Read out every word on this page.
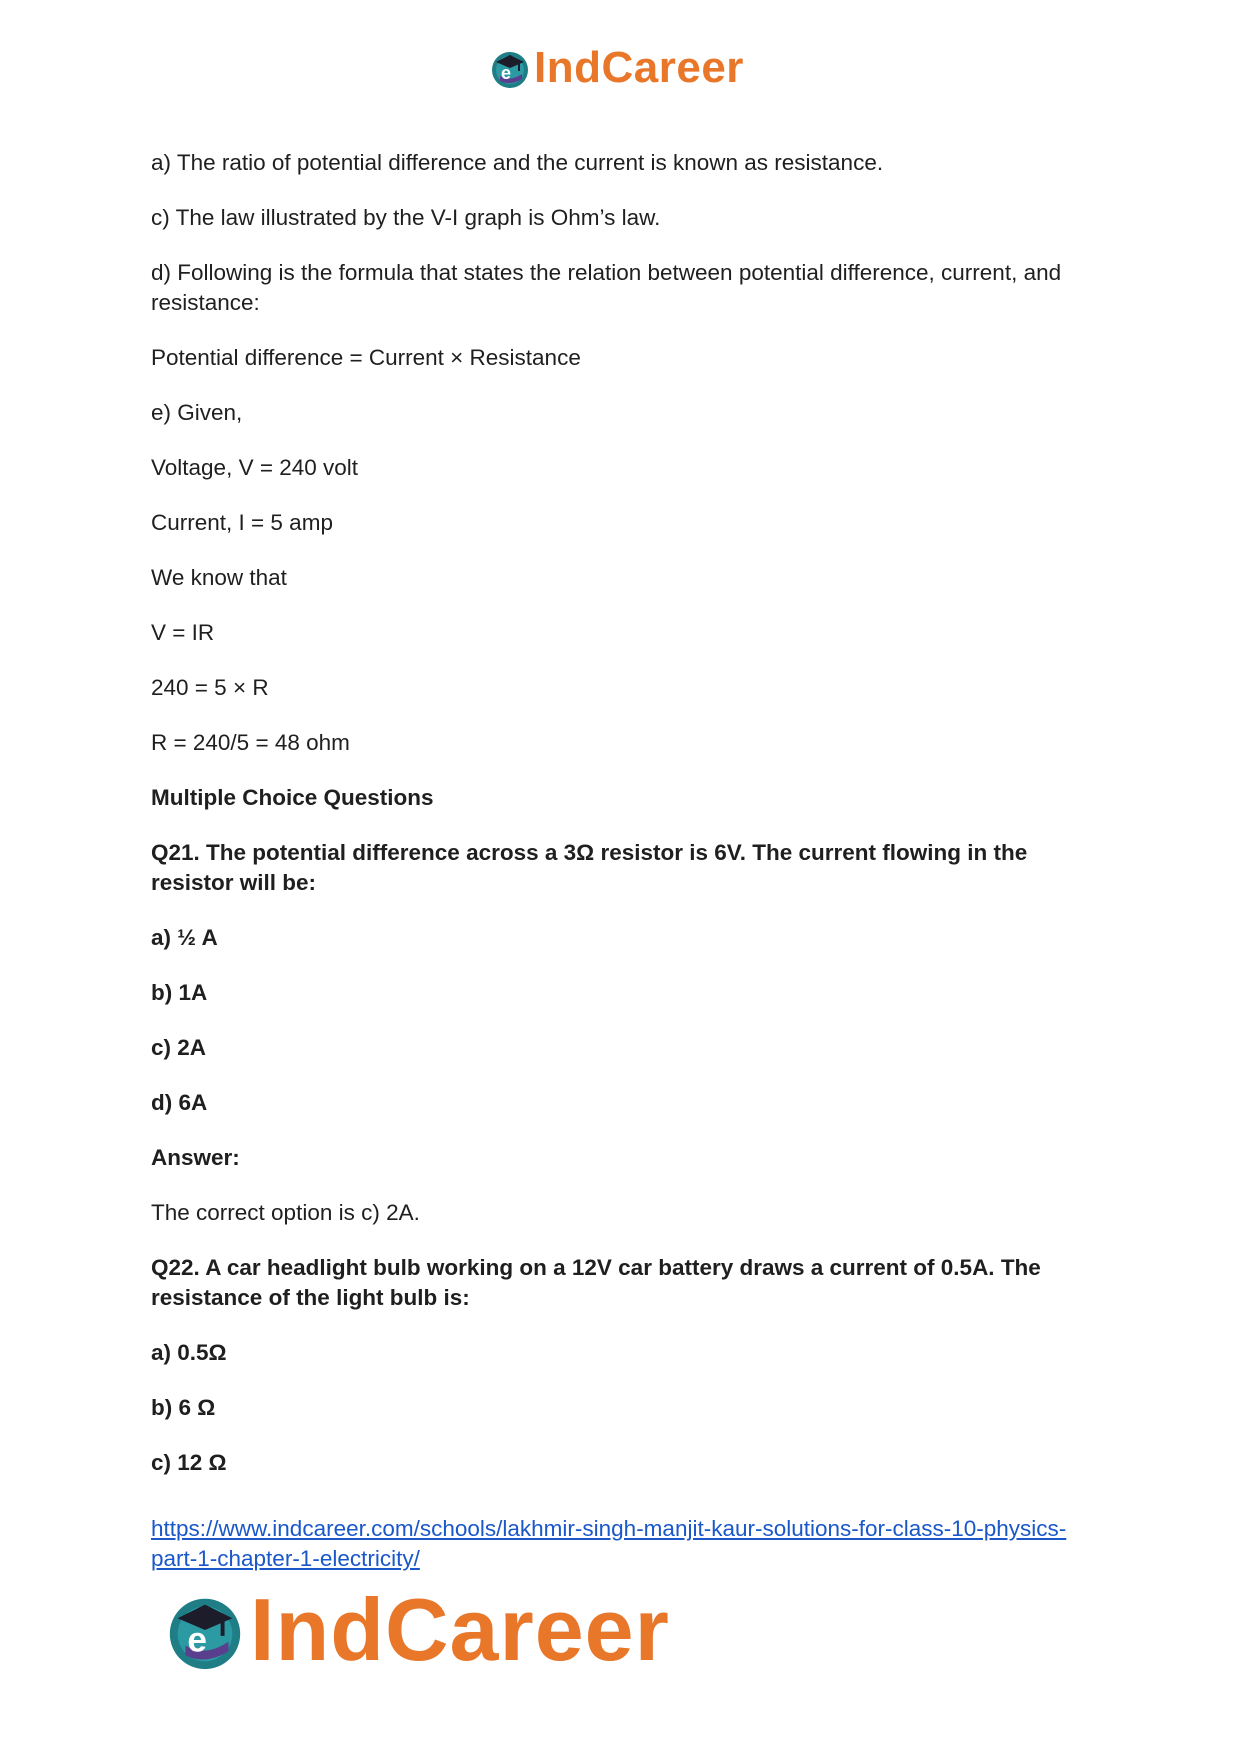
e IndCareer

a) The ratio of potential difference and the current is known as resistance.

c) The law illustrated by the V-I graph is Ohm’s law.

d) Following is the formula that states the relation between potential difference, current, and resistance:

Potential difference = Current × Resistance

e) Given,

Voltage, V = 240 volt

Current, I = 5 amp

We know that

V = IR

240 = 5 × R

R = 240/5 = 48 ohm

Multiple Choice Questions

Q21. The potential difference across a 3Ω resistor is 6V. The current flowing in the resistor will be:

a) ½ A

b) 1A

c) 2A

d) 6A

Answer:

The correct option is c) 2A.

Q22. A car headlight bulb working on a 12V car battery draws a current of 0.5A. The resistance of the light bulb is:

a) 0.5Ω

b) 6 Ω

c) 12 Ω

https://www.indcareer.com/schools/lakhmir-singh-manjit-kaur-solutions-for-class-10-physics-part-1-chapter-1-electricity/
e IndCareer
